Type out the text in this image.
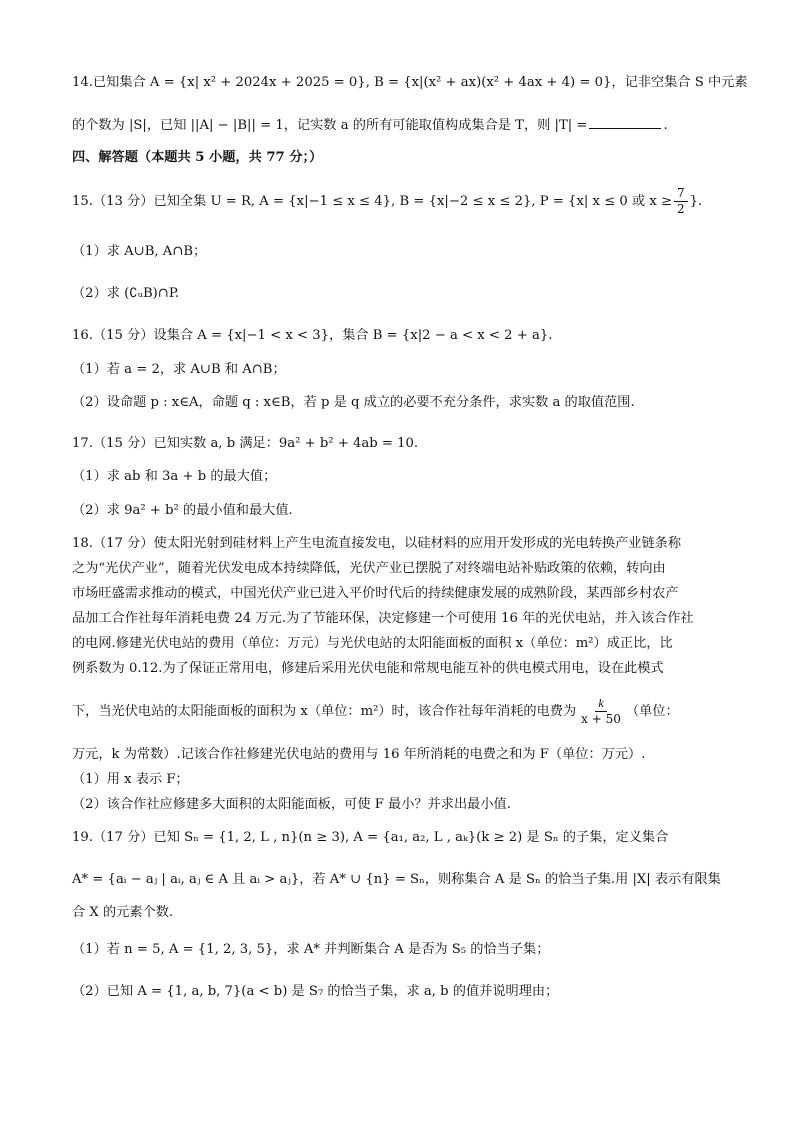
14.已知集合 A = {x| x² + 2024x + 2025 = 0}, B = {x|(x² + ax)(x² + 4ax + 4) = 0}，记非空集合 S 中元素
的个数为 |S|，已知 ||A| − |B|| = 1，记实数 a 的所有可能取值构成集合是 T，则 |T| =	.
四、解答题（本题共 5 小题，共 77 分；）
15.（13 分）已知全集 U = R, A = {x|−1 ≤ x ≤ 4}, B = {x|−2 ≤ x ≤ 2}, P = {x| x ≤ 0 或 $x \ge \frac{7}{2}$ }.
（1）求 A∪B, A∩B；
（2）求 (∁ᵤB)∩P.
16.（15 分）设集合 A = {x|−1 < x < 3}，集合 B = {x|2 − a < x < 2 + a}.
（1）若 a = 2，求 A∪B 和 A∩B；
（2）设命题 p : x∈A，命题 q : x∈B，若 p 是 q 成立的必要不充分条件，求实数 a 的取值范围.
17.（15 分）已知实数 a, b 满足：9a² + b² + 4ab = 10.
（1）求 ab 和 3a + b 的最大值；
（2）求 9a² + b² 的最小值和最大值.
18.（17 分）使太阳光射到硅材料上产生电流直接发电，以硅材料的应用开发形成的光电转换产业链条称
之为“光伏产业”，随着光伏发电成本持续降低，光伏产业已摆脱了对终端电站补贴政策的依赖，转向由
市场旺盛需求推动的模式，中国光伏产业已进入平价时代后的持续健康发展的成熟阶段，某西部乡村农产
品加工合作社每年消耗电费 24 万元.为了节能环保，决定修建一个可使用 16 年的光伏电站，并入该合作社
的电网.修建光伏电站的费用（单位：万元）与光伏电站的太阳能面板的面积 x（单位：m²）成正比，比
例系数为 0.12.为了保证正常用电，修建后采用光伏电能和常规电能互补的供电模式用电，设在此模式
下，当光伏电站的太阳能面板的面积为 x（单位：m²）时，该合作社每年消耗的电费为 $\frac{k}{x + 50}$ （单位：
万元，k 为常数）.记该合作社修建光伏电站的费用与 16 年所消耗的电费之和为 F（单位：万元）.
（1）用 x 表示 F；
（2）该合作社应修建多大面积的太阳能面板，可使 F 最小？并求出最小值.
19.（17 分）已知 Sₙ = {1, 2, L , n}(n ≥ 3), A = {a₁, a₂, L , aₖ}(k ≥ 2) 是 Sₙ 的子集，定义集合
A* = {aᵢ − aⱼ | aᵢ, aⱼ ∈ A 且 aᵢ > aⱼ}，若 A* ∪ {n} = Sₙ，则称集合 A 是 Sₙ 的恰当子集.用 |X| 表示有限集
合 X 的元素个数.
（1）若 n = 5, A = {1, 2, 3, 5}，求 A* 并判断集合 A 是否为 S₅ 的恰当子集；
（2）已知 A = {1, a, b, 7}(a < b) 是 S₇ 的恰当子集，求 a, b 的值并说明理由；
